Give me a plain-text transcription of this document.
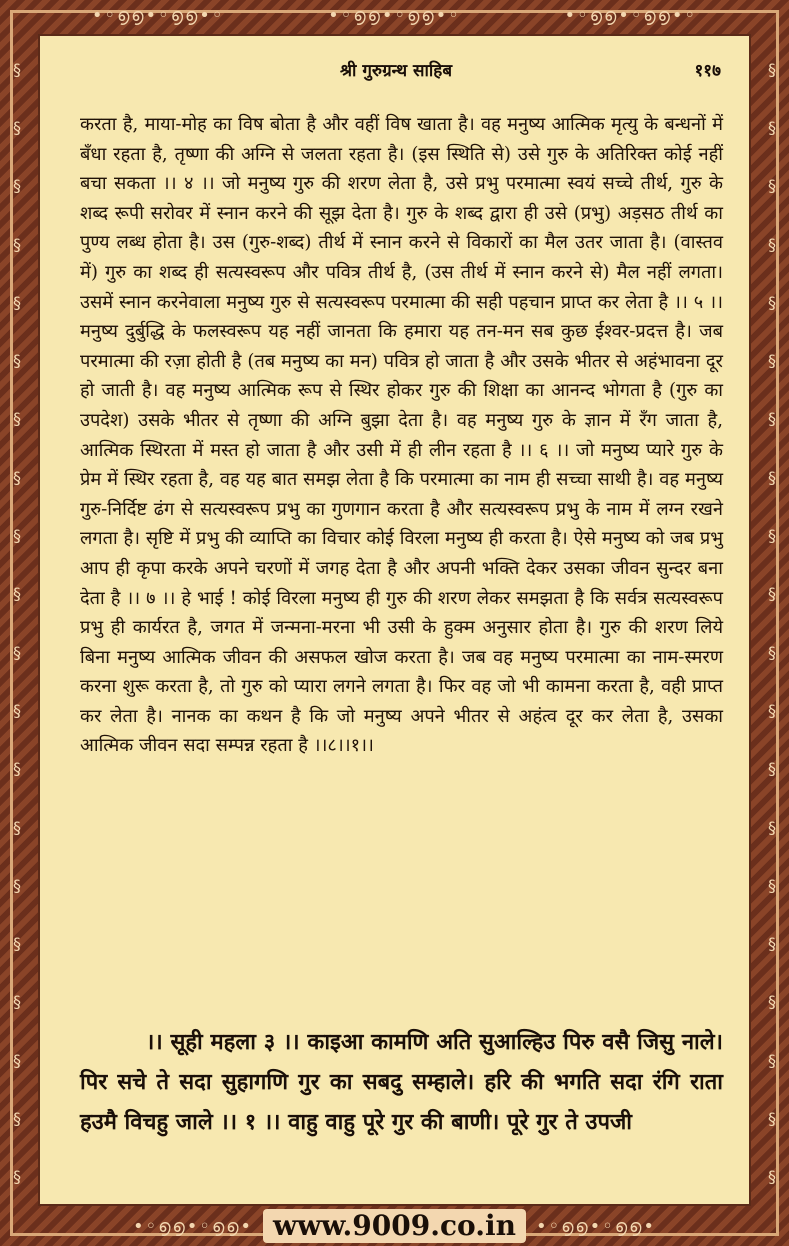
•◦൭൭•◦൭൭•◦	•◦൭൭•◦൭൭•◦	•◦൭൭•◦൭൭•◦
§
§
§
§
§
§
§
§
§
§
§
§
§
§
§
§
§
§
§
§
§
§
§
§
§
§
§
§
§
§
§
§
§
§
§
§
§
§
§
§
श्री गुरुग्रन्थ साहिब	११७

करता है, माया-मोह का विष बोता है और वहीं विष खाता है। वह मनुष्य आत्मिक मृत्यु के बन्धनों में बँधा रहता है, तृष्णा की अग्नि से जलता रहता है। (इस स्थिति से) उसे गुरु के अतिरिक्त कोई नहीं बचा सकता ।। ४ ।। जो मनुष्य गुरु की शरण लेता है, उसे प्रभु परमात्मा स्वयं सच्चे तीर्थ, गुरु के शब्द रूपी सरोवर में स्नान करने की सूझ देता है। गुरु के शब्द द्वारा ही उसे (प्रभु) अड़सठ तीर्थ का पुण्य लब्ध होता है। उस (गुरु-शब्द) तीर्थ में स्नान करने से विकारों का मैल उतर जाता है। (वास्तव में) गुरु का शब्द ही सत्यस्वरूप और पवित्र तीर्थ है, (उस तीर्थ में स्नान करने से) मैल नहीं लगता। उसमें स्नान करनेवाला मनुष्य गुरु से सत्यस्वरूप परमात्मा की सही पहचान प्राप्त कर लेता है ।। ५ ।। मनुष्य दुर्बुद्धि के फलस्वरूप यह नहीं जानता कि हमारा यह तन-मन सब कुछ ईश्वर-प्रदत्त है। जब परमात्मा की रज़ा होती है (तब मनुष्य का मन) पवित्र हो जाता है और उसके भीतर से अहंभावना दूर हो जाती है। वह मनुष्य आत्मिक रूप से स्थिर होकर गुरु की शिक्षा का आनन्द भोगता है (गुरु का उपदेश) उसके भीतर से तृष्णा की अग्नि बुझा देता है। वह मनुष्य गुरु के ज्ञान में रँग जाता है, आत्मिक स्थिरता में मस्त हो जाता है और उसी में ही लीन रहता है ।। ६ ।। जो मनुष्य प्यारे गुरु के प्रेम में स्थिर रहता है, वह यह बात समझ लेता है कि परमात्मा का नाम ही सच्चा साथी है। वह मनुष्य गुरु-निर्दिष्ट ढंग से सत्यस्वरूप प्रभु का गुणगान करता है और सत्यस्वरूप प्रभु के नाम में लग्न रखने लगता है। सृष्टि में प्रभु की व्याप्ति का विचार कोई विरला मनुष्य ही करता है। ऐसे मनुष्य को जब प्रभु आप ही कृपा करके अपने चरणों में जगह देता है और अपनी भक्ति देकर उसका जीवन सुन्दर बना देता है ।। ७ ।। हे भाई ! कोई विरला मनुष्य ही गुरु की शरण लेकर समझता है कि सर्वत्र सत्यस्वरूप प्रभु ही कार्यरत है, जगत में जन्मना-मरना भी उसी के हुक्म अनुसार होता है। गुरु की शरण लिये बिना मनुष्य आत्मिक जीवन की असफल खोज करता है। जब वह मनुष्य परमात्मा का नाम-स्मरण करना शुरू करता है, तो गुरु को प्यारा लगने लगता है। फिर वह जो भी कामना करता है, वही प्राप्त कर लेता है। नानक का कथन है कि जो मनुष्य अपने भीतर से अहंत्व दूर कर लेता है, उसका आत्मिक जीवन सदा सम्पन्न रहता है ।।८।।१।।

।। सूही महला ३ ।। काइआ कामणि अति सुआल्हिउ पिरु वसै जिसु नाले। पिर सचे ते सदा सुहागणि गुर का सबदु सम्हाले। हरि की भगति सदा रंगि राता हउमै विचहु जाले ।। १ ।। वाहु वाहु पूरे गुर की बाणी। पूरे गुर ते उपजी

•◦൭൭•◦൭൭• www.9009.co.in	•◦൭൭•◦൭൭•
